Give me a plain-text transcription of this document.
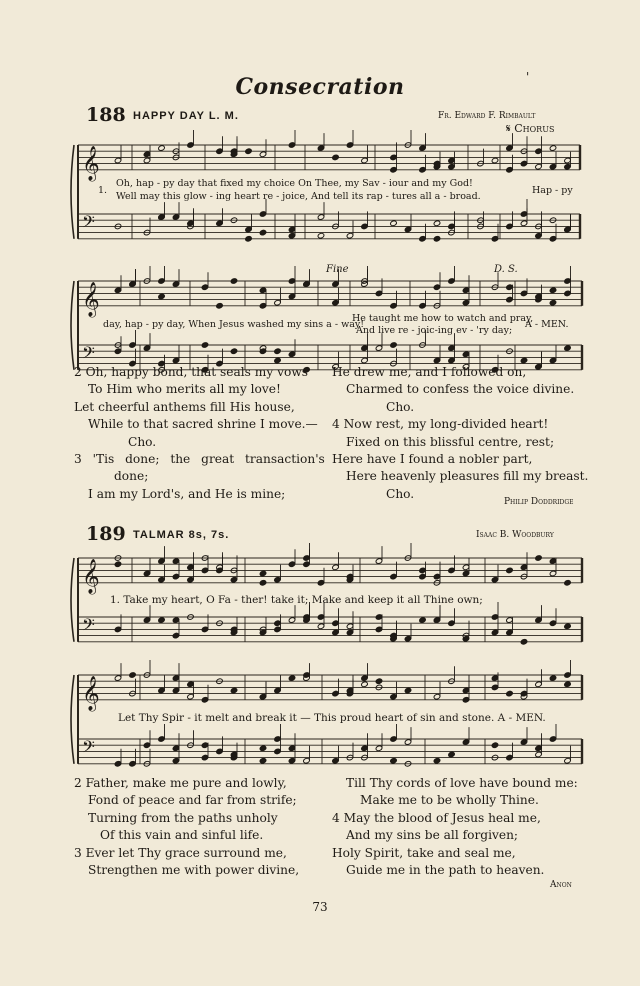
𝄞
𝄢
𝄞
𝄢
𝄞
𝄢
𝄞
𝄢
Consecration	'
188 HAPPY DAY L. M.	Fr. Edward F. Rimbault
𝄋 Chorus
1.
Oh, hap - py day that fixed my choice On Thee, my Sav - iour and my God!
Well may this glow - ing heart re - joice, And tell its rap - tures all a - broad.
Hap - py
Fine	D. S.
day, hap - py day, When Jesus washed my sins a - way!
He taught me how to watch and pray,
And live re - joic-ing ev - 'ry day;
A - MEN.
2 Oh, happy bond, that seals my vows
To Him who merits all my love!
Let cheerful anthems fill His house,
While to that sacred shrine I move.—
Cho.
3 'Tis done; the great transaction's
done;
I am my Lord's, and He is mine;
He drew me, and I followed on,
Charmed to confess the voice divine.
Cho.
4 Now rest, my long-divided heart!
Fixed on this blissful centre, rest;
Here have I found a nobler part,
Here heavenly pleasures fill my breast.
Cho.
Philip Doddridge
189 TALMAR 8s, 7s.	Isaac B. Woodbury
1. Take my heart, O Fa - ther! take it; Make and keep it all Thine own;
Let Thy Spir - it melt and break it — This proud heart of sin and stone. A - MEN.
2 Father, make me pure and lowly,
Fond of peace and far from strife;
Turning from the paths unholy
Of this vain and sinful life.
3 Ever let Thy grace surround me,
Strengthen me with power divine,
Till Thy cords of love have bound me:
Make me to be wholly Thine.
4 May the blood of Jesus heal me,
And my sins be all forgiven;
Holy Spirit, take and seal me,
Guide me in the path to heaven.
Anon
73
